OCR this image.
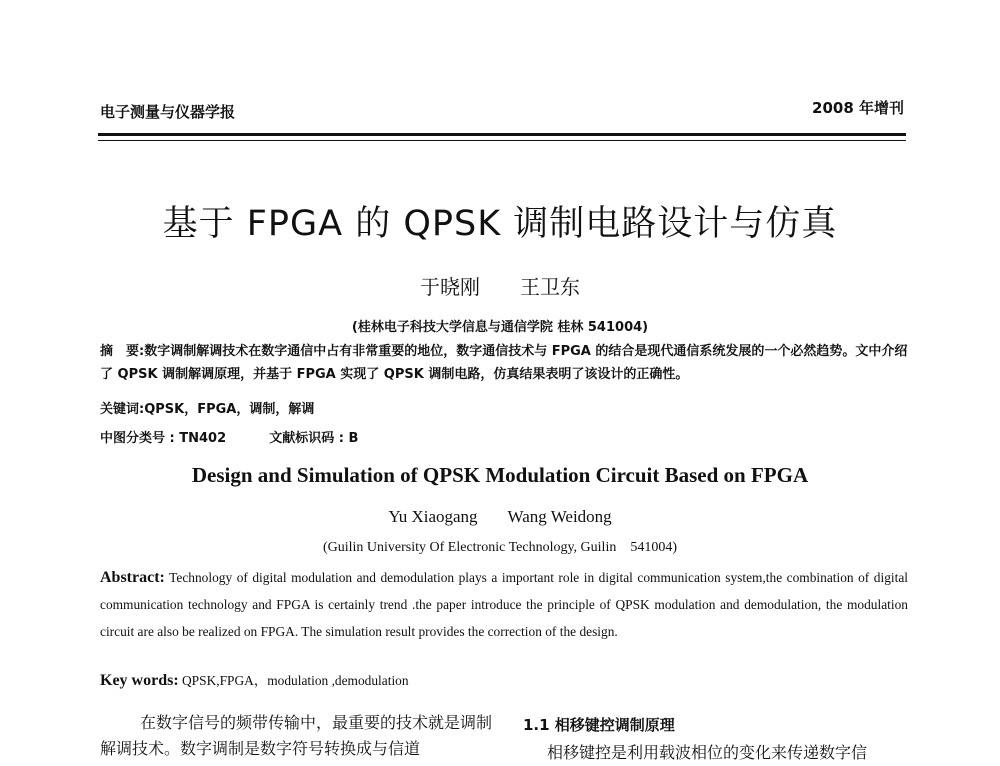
电子测量与仪器学报	2008 年增刊
基于 FPGA 的 QPSK 调制电路设计与仿真
于晓刚　　王卫东
(桂林电子科技大学信息与通信学院 桂林 541004)
摘　要:数字调制解调技术在数字通信中占有非常重要的地位，数字通信技术与 FPGA 的结合是现代通信系统发展的一个必然趋势。文中介绍了 QPSK 调制解调原理，并基于 FPGA 实现了 QPSK 调制电路，仿真结果表明了该设计的正确性。
关键词:QPSK，FPGA，调制，解调
中图分类号 : TN402	文献标识码 : B
Design and Simulation of QPSK Modulation Circuit Based on FPGA
Yu Xiaogang Wang Weidong
(Guilin University Of Electronic Technology, Guilin　541004)
Abstract: Technology of digital modulation and demodulation plays a important role in digital communication system,the combination of digital communication technology and FPGA is certainly trend .the paper introduce the principle of QPSK modulation and demodulation, the modulation circuit are also be realized on FPGA. The simulation result provides the correction of the design.
Key words: QPSK,FPGA，modulation ,demodulation
在数字信号的频带传输中，最重要的技术就是调制解调技术。数字调制是数字符号转换成与信道
1.1 相移键控调制原理
相移键控是利用载波相位的变化来传递数字信
